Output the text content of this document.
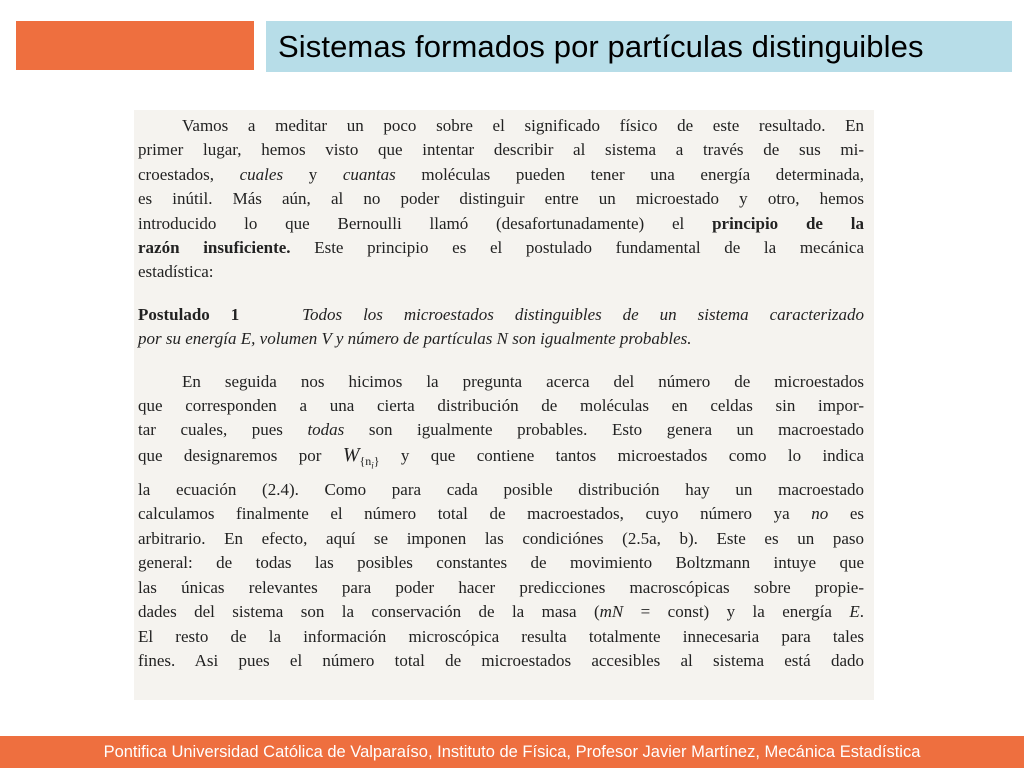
Sistemas formados por partículas distinguibles
Vamos a meditar un poco sobre el significado físico de este resultado. En
primer lugar, hemos visto que intentar describir al sistema a través de sus mi-
croestados, cuales y cuantas moléculas pueden tener una energía determinada,
es inútil. Más aún, al no poder distinguir entre un microestado y otro, hemos
introducido lo que Bernoulli llamó (desafortunadamente) el principio de la
razón insuficiente. Este principio es el postulado fundamental de la mecánica
estadística:
Postulado 1	Todos los microestados distinguibles de un sistema caracterizado
por su energía E, volumen V y número de partículas N son igualmente probables.
En seguida nos hicimos la pregunta acerca del número de microestados
que corresponden a una cierta distribución de moléculas en celdas sin impor-
tar cuales, pues todas son igualmente probables. Esto genera un macroestado
que designaremos por $W_{\{n_i\}}$ y que contiene tantos microestados como lo indica
la ecuación (2.4). Como para cada posible distribución hay un macroestado
calculamos finalmente el número total de macroestados, cuyo número ya no es
arbitrario. En efecto, aquí se imponen las condiciónes (2.5a, b). Este es un paso
general: de todas las posibles constantes de movimiento Boltzmann intuye que
las únicas relevantes para poder hacer predicciones macroscópicas sobre propie-
dades del sistema son la conservación de la masa (mN = const) y la energía E.
El resto de la información microscópica resulta totalmente innecesaria para tales
fines. Asi pues el número total de microestados accesibles al sistema está dado
Pontifica Universidad Católica de Valparaíso, Instituto de Física, Profesor Javier Martínez, Mecánica Estadística
